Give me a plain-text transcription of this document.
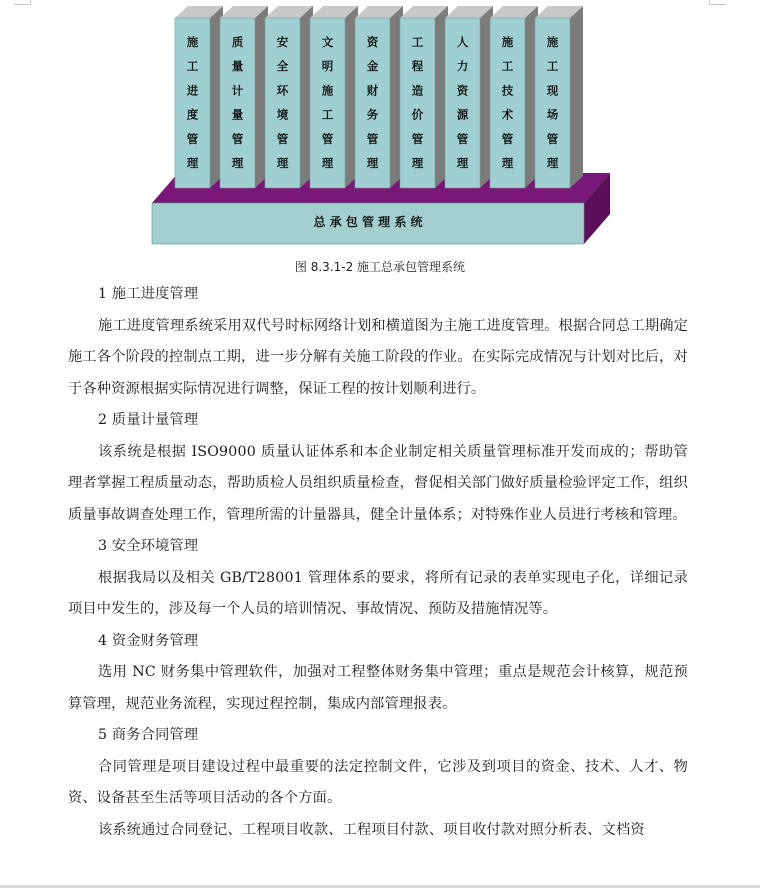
施
工
进
度
管
理
质
量
计
量
管
理
安
全
环
境
管
理
文
明
施
工
管
理
资
金
财
务
管
理
工
程
造
价
管
理
人
力
资
源
管
理
施
工
技
术
管
理
施
工
现
场
管
理
总 承 包 管 理 系 统
图 8.3.1-2 施工总承包管理系统

1 施工进度管理

施工进度管理系统采用双代号时标网络计划和横道图为主施工进度管理。根据合同总工期确定施工各个阶段的控制点工期，进一步分解有关施工阶段的作业。在实际完成情况与计划对比后，对于各种资源根据实际情况进行调整，保证工程的按计划顺利进行。

2 质量计量管理

该系统是根据 ISO9000 质量认证体系和本企业制定相关质量管理标准开发而成的；帮助管理者掌握工程质量动态，帮助质检人员组织质量检查，督促相关部门做好质量检验评定工作，组织质量事故调查处理工作，管理所需的计量器具，健全计量体系；对特殊作业人员进行考核和管理。

3 安全环境管理

根据我局以及相关 GB/T28001 管理体系的要求，将所有记录的表单实现电子化，详细记录项目中发生的，涉及每一个人员的培训情况、事故情况、预防及措施情况等。

4 资金财务管理

选用 NC 财务集中管理软件，加强对工程整体财务集中管理；重点是规范会计核算，规范预算管理，规范业务流程，实现过程控制，集成内部管理报表。

5 商务合同管理

合同管理是项目建设过程中最重要的法定控制文件，它涉及到项目的资金、技术、人才、物资、设备甚至生活等项目活动的各个方面。

该系统通过合同登记、工程项目收款、工程项目付款、项目收付款对照分析表、文档资
